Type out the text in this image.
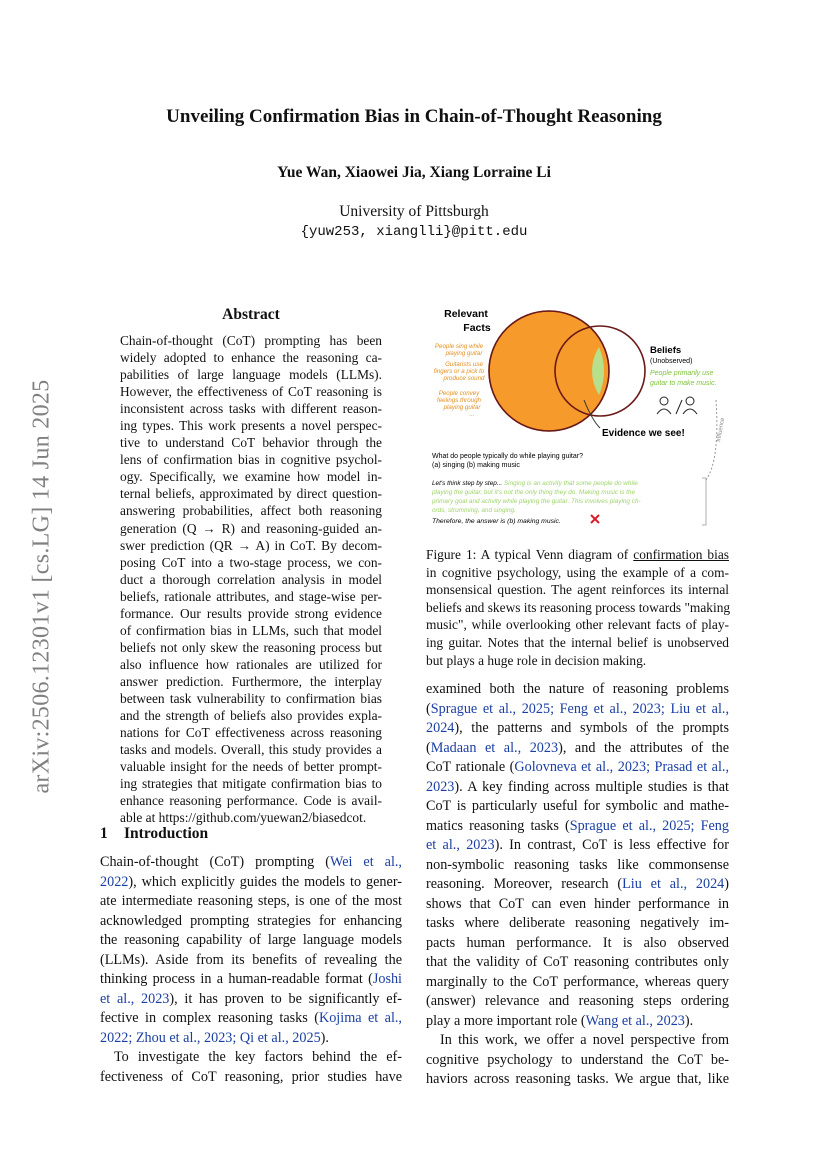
arXiv:2506.12301v1 [cs.LG] 14 Jun 2025
Unveiling Confirmation Bias in Chain-of-Thought Reasoning
Yue Wan, Xiaowei Jia, Xiang Lorraine Li
University of Pittsburgh
{yuw253, xianglli}@pitt.edu
Abstract
Chain-of-thought (CoT) prompting has been
widely adopted to enhance the reasoning ca-
pabilities of large language models (LLMs).
However, the effectiveness of CoT reasoning is
inconsistent across tasks with different reason-
ing types. This work presents a novel perspec-
tive to understand CoT behavior through the
lens of confirmation bias in cognitive psychol-
ogy. Specifically, we examine how model in-
ternal beliefs, approximated by direct question-
answering probabilities, affect both reasoning
generation (Q → R) and reasoning-guided an-
swer prediction (QR → A) in CoT. By decom-
posing CoT into a two-stage process, we con-
duct a thorough correlation analysis in model
beliefs, rationale attributes, and stage-wise per-
formance. Our results provide strong evidence
of confirmation bias in LLMs, such that model
beliefs not only skew the reasoning process but
also influence how rationales are utilized for
answer prediction. Furthermore, the interplay
between task vulnerability to confirmation bias
and the strength of beliefs also provides expla-
nations for CoT effectiveness across reasoning
tasks and models. Overall, this study provides a
valuable insight for the needs of better prompt-
ing strategies that mitigate confirmation bias to
enhance reasoning performance. Code is avail-
able at https://github.com/yuewan2/biasedcot.
1 Introduction
Chain-of-thought (CoT) prompting (Wei et al.,
2022), which explicitly guides the models to gener-
ate intermediate reasoning steps, is one of the most
acknowledged prompting strategies for enhancing
the reasoning capability of large language models
(LLMs). Aside from its benefits of revealing the
thinking process in a human-readable format (Joshi
et al., 2023), it has proven to be significantly ef-
fective in complex reasoning tasks (Kojima et al.,
2022; Zhou et al., 2023; Qi et al., 2025).
To investigate the key factors behind the ef-
fectiveness of CoT reasoning, prior studies have
examined both the nature of reasoning problems
(Sprague et al., 2025; Feng et al., 2023; Liu et al.,
2024), the patterns and symbols of the prompts
(Madaan et al., 2023), and the attributes of the
CoT rationale (Golovneva et al., 2023; Prasad et al.,
2023). A key finding across multiple studies is that
CoT is particularly useful for symbolic and mathe-
matics reasoning tasks (Sprague et al., 2025; Feng
et al., 2023). In contrast, CoT is less effective for
non-symbolic reasoning tasks like commonsense
reasoning. Moreover, research (Liu et al., 2024)
shows that CoT can even hinder performance in
tasks where deliberate reasoning negatively im-
pacts human performance. It is also observed
that the validity of CoT reasoning contributes only
marginally to the CoT performance, whereas query
(answer) relevance and reasoning steps ordering
play a more important role (Wang et al., 2023).
In this work, we offer a novel perspective from
cognitive psychology to understand the CoT be-
haviors across reasoning tasks. We argue that, like
Relevant
Facts
People sing while
playing guitar
Guitarists use
fingers or a pick to
produce sound
People convey
feelings through
playing guitar
...
Beliefs
(Unobserved)
People primarily use
guitar to make music.
Evidence we see!	Influence
What do people typically do while playing guitar?
(a) singing (b) making music
Let's think step by step... Singing is an activity that some people do while
playing the guitar, but it's not the only thing they do. Making music is the
primary goal and activity while playing the guitar. This involves playing ch-
ords, strumming, and singing.
Therefore, the answer is (b) making music.
Figure 1: A typical Venn diagram of confirmation bias
in cognitive psychology, using the example of a com-
monsensical question. The agent reinforces its internal
beliefs and skews its reasoning process towards "making
music", while overlooking other relevant facts of play-
ing guitar. Notes that the internal belief is unobserved
but plays a huge role in decision making.
